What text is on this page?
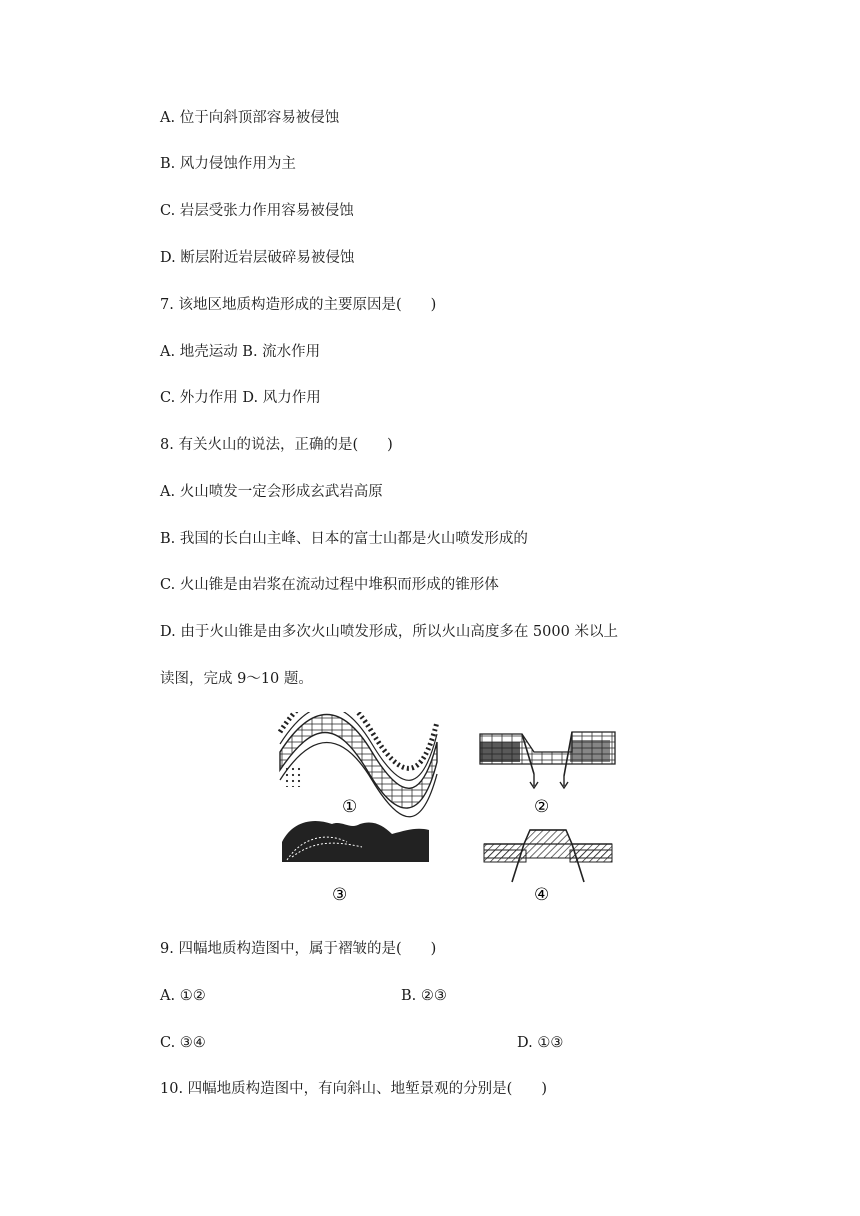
A. 位于向斜顶部容易被侵蚀
B. 风力侵蚀作用为主
C. 岩层受张力作用容易被侵蚀
D. 断层附近岩层破碎易被侵蚀
7. 该地区地质构造形成的主要原因是(　　)
A. 地壳运动 B. 流水作用
C. 外力作用 D. 风力作用
8. 有关火山的说法，正确的是(　　)
A. 火山喷发一定会形成玄武岩高原
B. 我国的长白山主峰、日本的富士山都是火山喷发形成的
C. 火山锥是由岩浆在流动过程中堆积而形成的锥形体
D. 由于火山锥是由多次火山喷发形成，所以火山高度多在 5000 米以上
读图，完成 9～10 题。
①	②
③	④
9. 四幅地质构造图中，属于褶皱的是(　　)
A. ①②	B. ②③
C. ③④	D. ①③
10. 四幅地质构造图中，有向斜山、地堑景观的分别是(　　)
